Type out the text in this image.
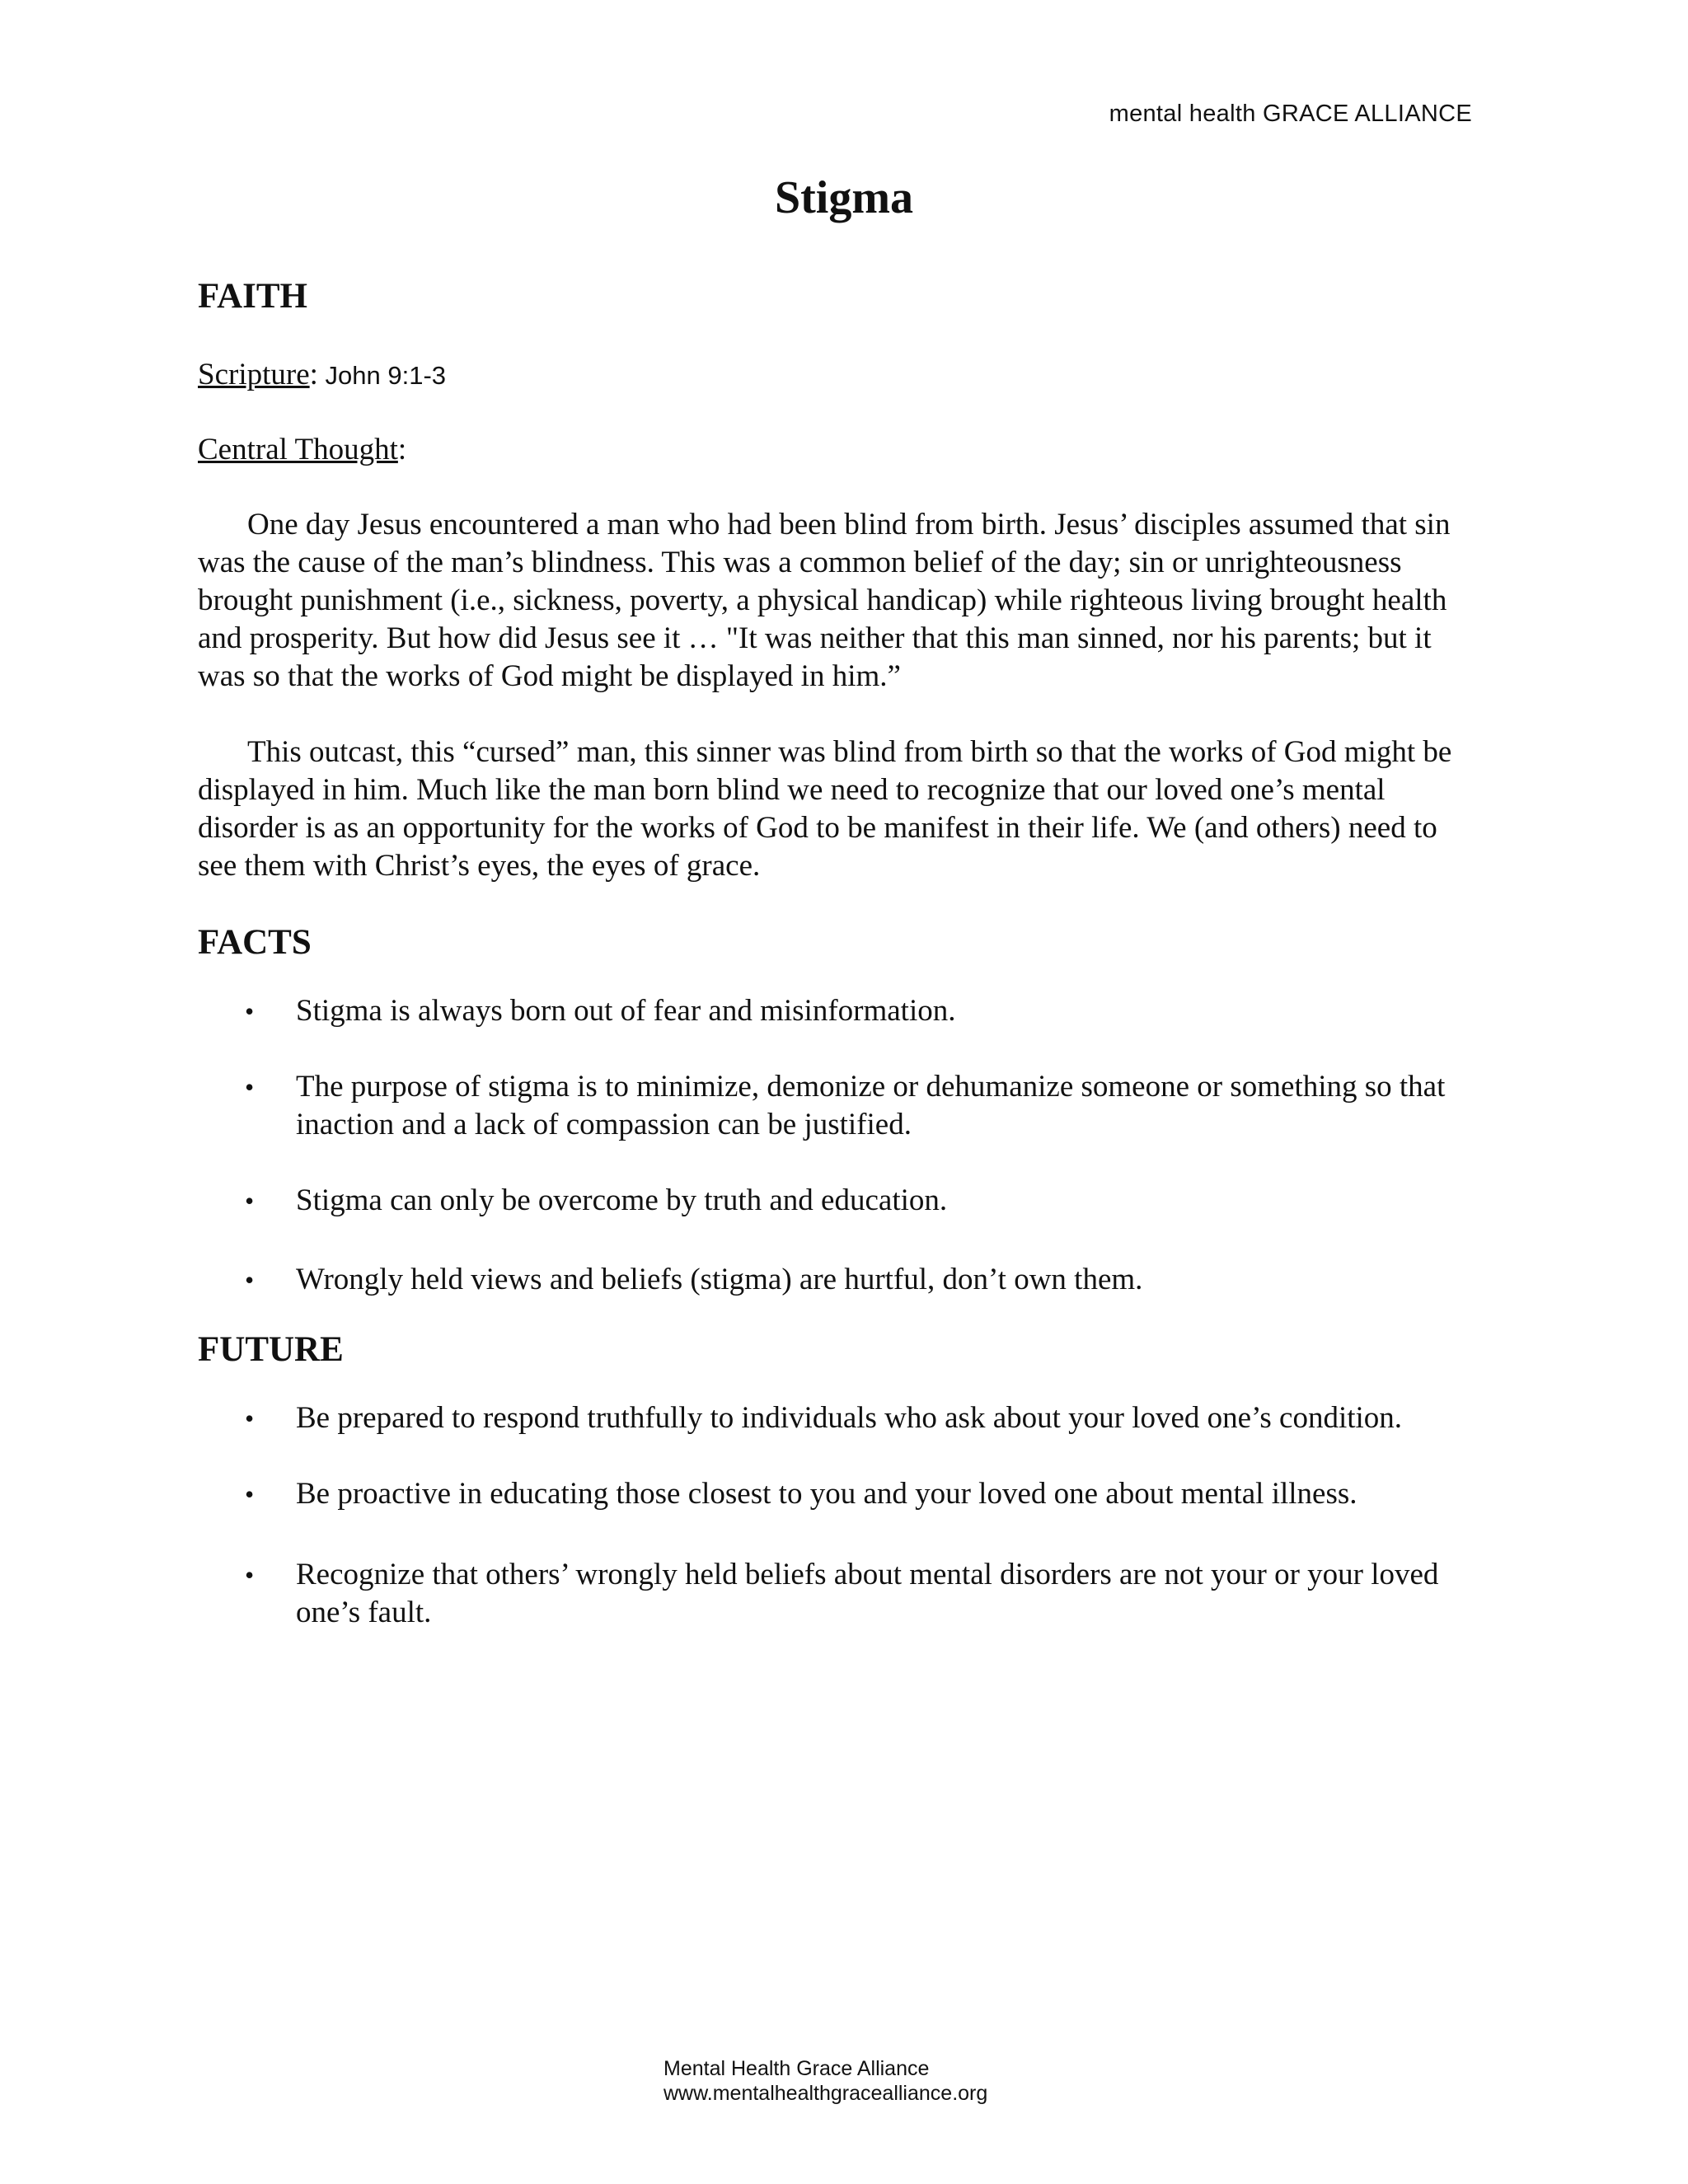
mental health GRACE ALLIANCE
Stigma
FAITH

Scripture: John 9:1-3

Central Thought:

One day Jesus encountered a man who had been blind from birth. Jesus’ disciples assumed that sin was the cause of the man’s blindness. This was a common belief of the day; sin or unrighteousness brought punishment (i.e., sickness, poverty, a physical handicap) while righteous living brought health and prosperity. But how did Jesus see it … "It was neither that this man sinned, nor his parents; but it was so that the works of God might be displayed in him.”

This outcast, this “cursed” man, this sinner was blind from birth so that the works of God might be displayed in him. Much like the man born blind we need to recognize that our loved one’s mental disorder is as an opportunity for the works of God to be manifest in their life. We (and others) need to see them with Christ’s eyes, the eyes of grace.

FACTS
• Stigma is always born out of fear and misinformation.
• The purpose of stigma is to minimize, demonize or dehumanize someone or something so that inaction and a lack of compassion can be justified.
• Stigma can only be overcome by truth and education.
• Wrongly held views and beliefs (stigma) are hurtful, don’t own them.
FUTURE
• Be prepared to respond truthfully to individuals who ask about your loved one’s condition.
• Be proactive in educating those closest to you and your loved one about mental illness.
• Recognize that others’ wrongly held beliefs about mental disorders are not your or your loved one’s fault.
Mental Health Grace Alliance
www.mentalhealthgracealliance.org
